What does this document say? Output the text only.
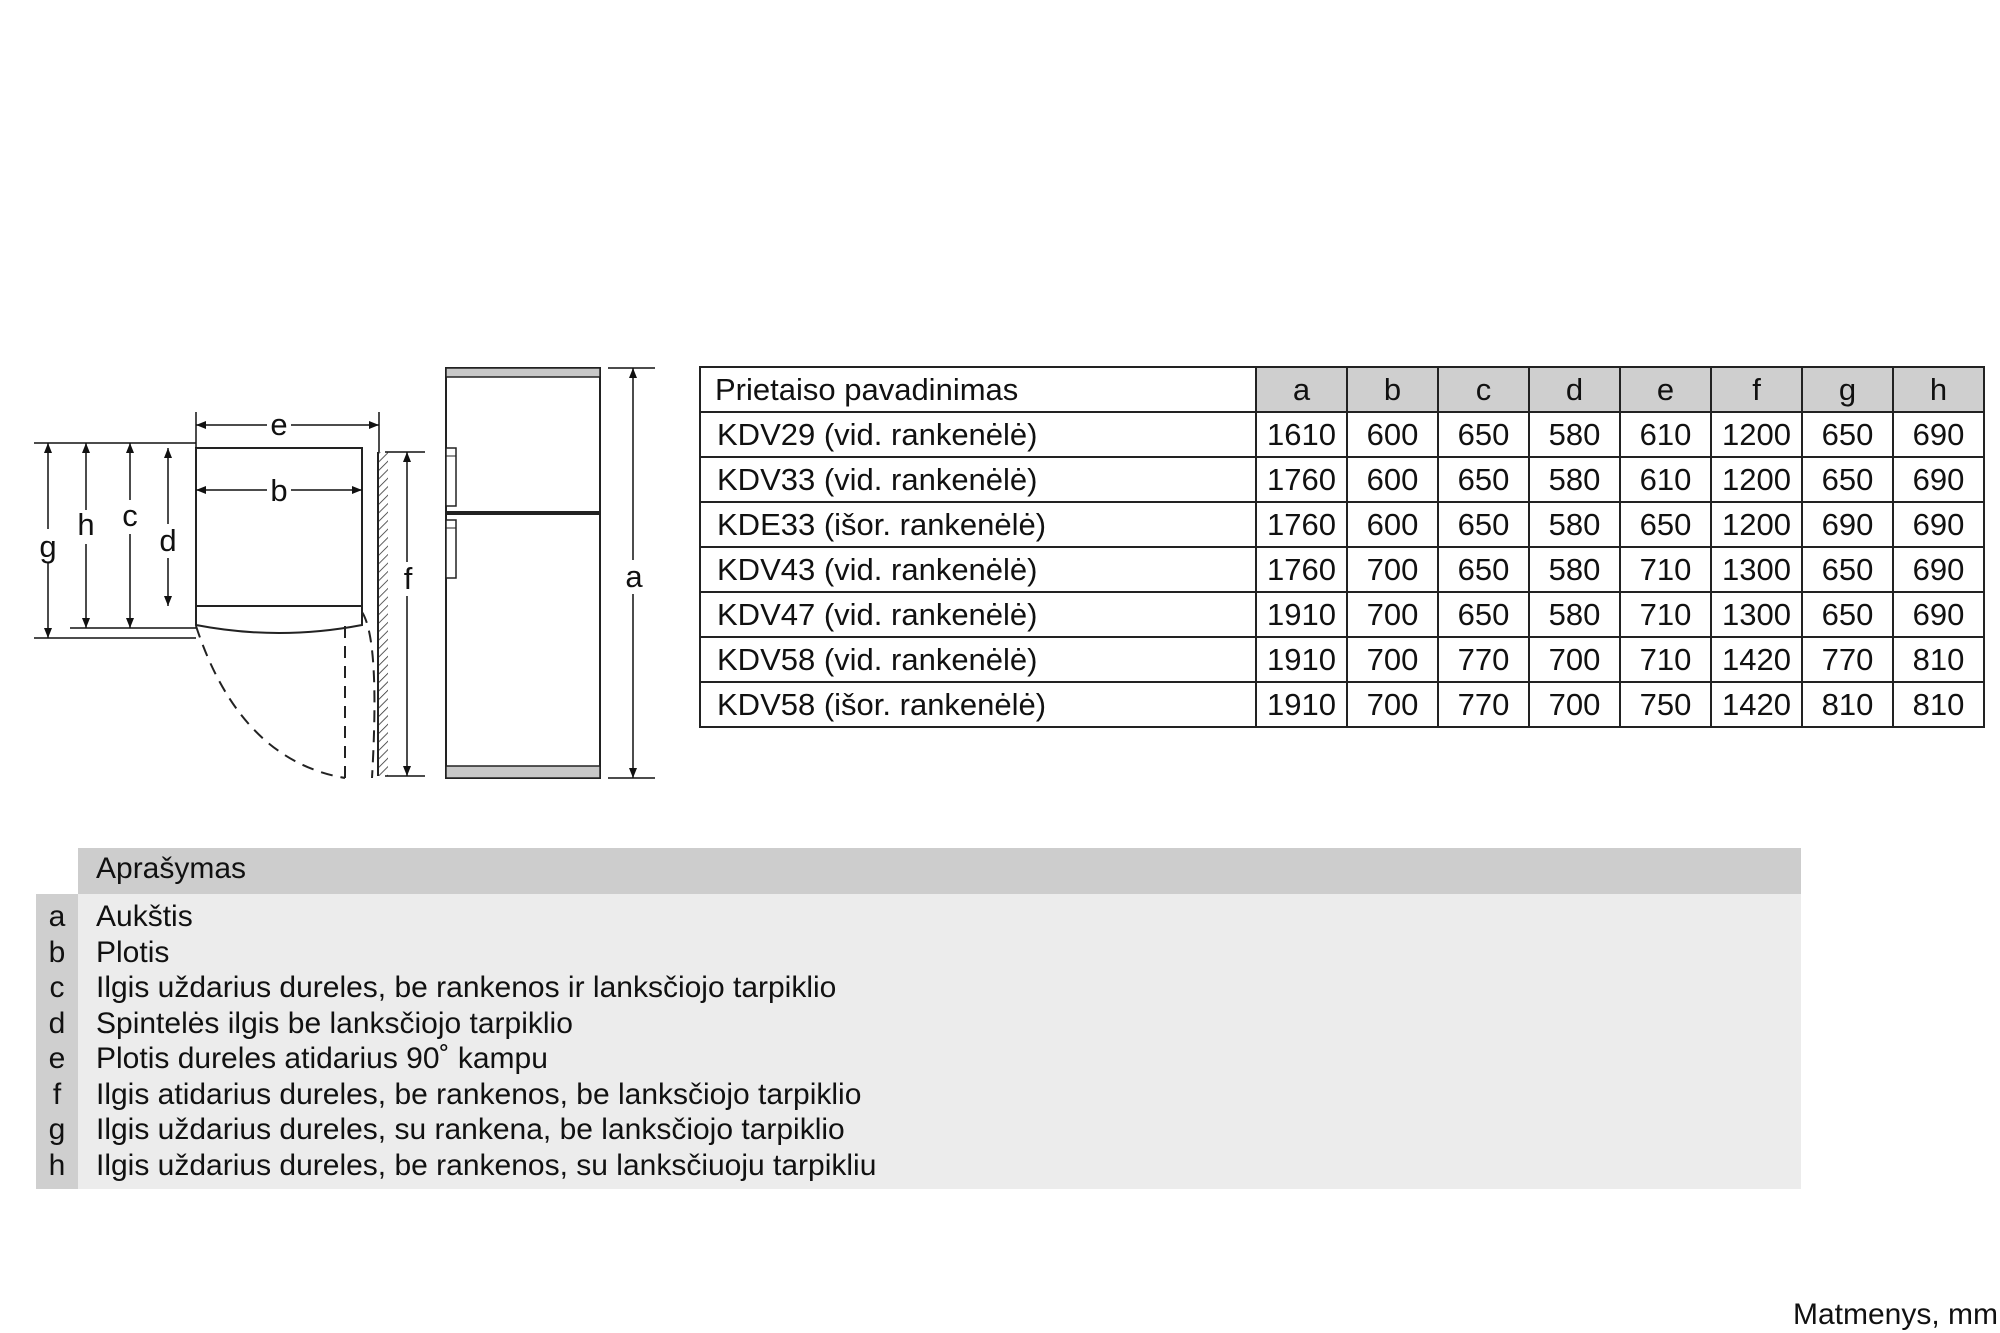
e
b
g
h c
d
f	a
Prietaiso pavadinimas	a	b	c	d	e	f	g	h
KDV29 (vid. rankenėlė)	1610	600	650	580	610	1200	650	690
KDV33 (vid. rankenėlė)	1760	600	650	580	610	1200	650	690
KDE33 (išor. rankenėlė)	1760	600	650	580	650	1200	690	690
KDV43 (vid. rankenėlė)	1760	700	650	580	710	1300	650	690
KDV47 (vid. rankenėlė)	1910	700	650	580	710	1300	650	690
KDV58 (vid. rankenėlė)	1910	700	770	700	710	1420	770	810
KDV58 (išor. rankenėlė)	1910	700	770	700	750	1420	810	810
Aprašymas
a	Aukštis
b	Plotis
c	Ilgis uždarius dureles, be rankenos ir lanksčiojo tarpiklio
d	Spintelės ilgis be lanksčiojo tarpiklio
e	Plotis dureles atidarius 90˚ kampu
f	Ilgis atidarius dureles, be rankenos, be lanksčiojo tarpiklio
g	Ilgis uždarius dureles, su rankena, be lanksčiojo tarpiklio
h	Ilgis uždarius dureles, be rankenos, su lanksčiuoju tarpikliu
Matmenys, mm
